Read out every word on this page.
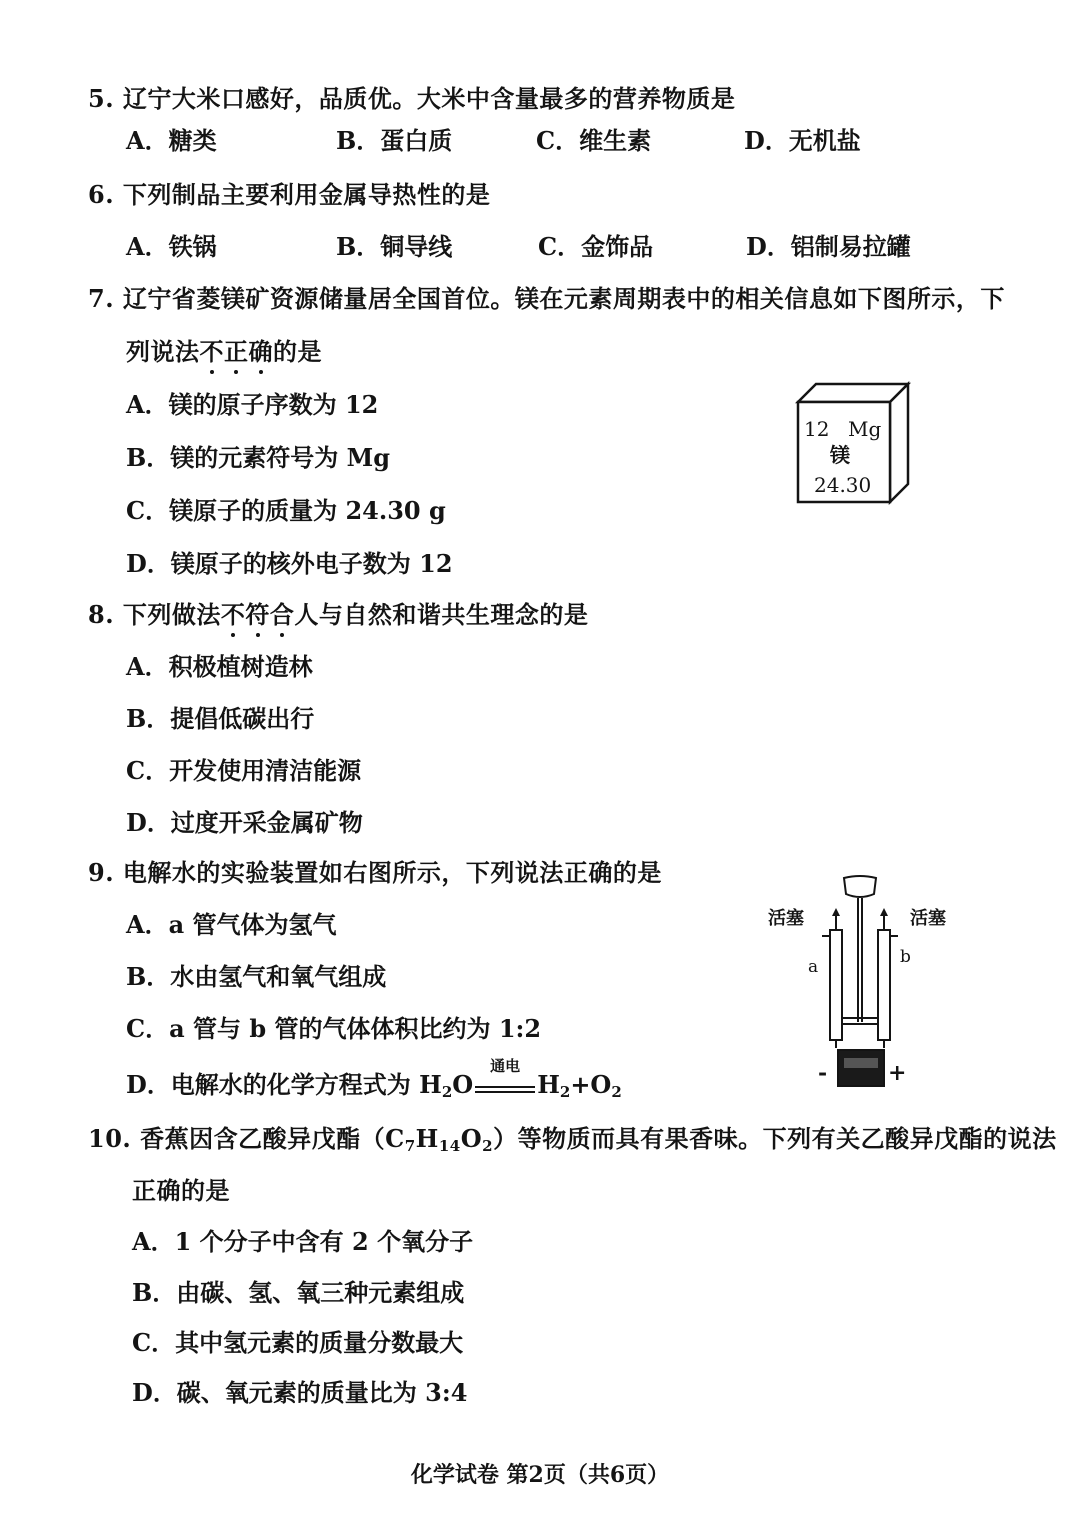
5. 辽宁大米口感好，品质优。大米中含量最多的营养物质是
A．糖类	B．蛋白质	C．维生素	D．无机盐
6. 下列制品主要利用金属导热性的是
A．铁锅	B．铜导线	C．金饰品	D．铝制易拉罐
7. 辽宁省菱镁矿资源储量居全国首位。镁在元素周期表中的相关信息如下图所示，下
列说法不正确的是
A．镁的原子序数为 12
B．镁的元素符号为 Mg
C．镁原子的质量为 24.30 g
D．镁原子的核外电子数为 12
12 Mg
镁
24.30
8. 下列做法不符合人与自然和谐共生理念的是
A．积极植树造林
B．提倡低碳出行
C．开发使用清洁能源
D．过度开采金属矿物
9. 电解水的实验装置如右图所示，下列说法正确的是
A．a 管气体为氢气
B．水由氢气和氧气组成
C．a 管与 b 管的气体体积比约为 1:2
D．电解水的化学方程式为 $H_2O$
通电
$H_2+O_2$
活塞	活塞
a	b
-	+
10. 香蕉因含乙酸异戊酯$(C_7H_{14}O_2)$等物质而具有果香味。下列有关乙酸异戊酯的说法
正确的是
A．1 个分子中含有 2 个氧分子
B．由碳、氢、氧三种元素组成
C．其中氢元素的质量分数最大
D．碳、氧元素的质量比为 3:4
化学试卷 第2页（共6页）
